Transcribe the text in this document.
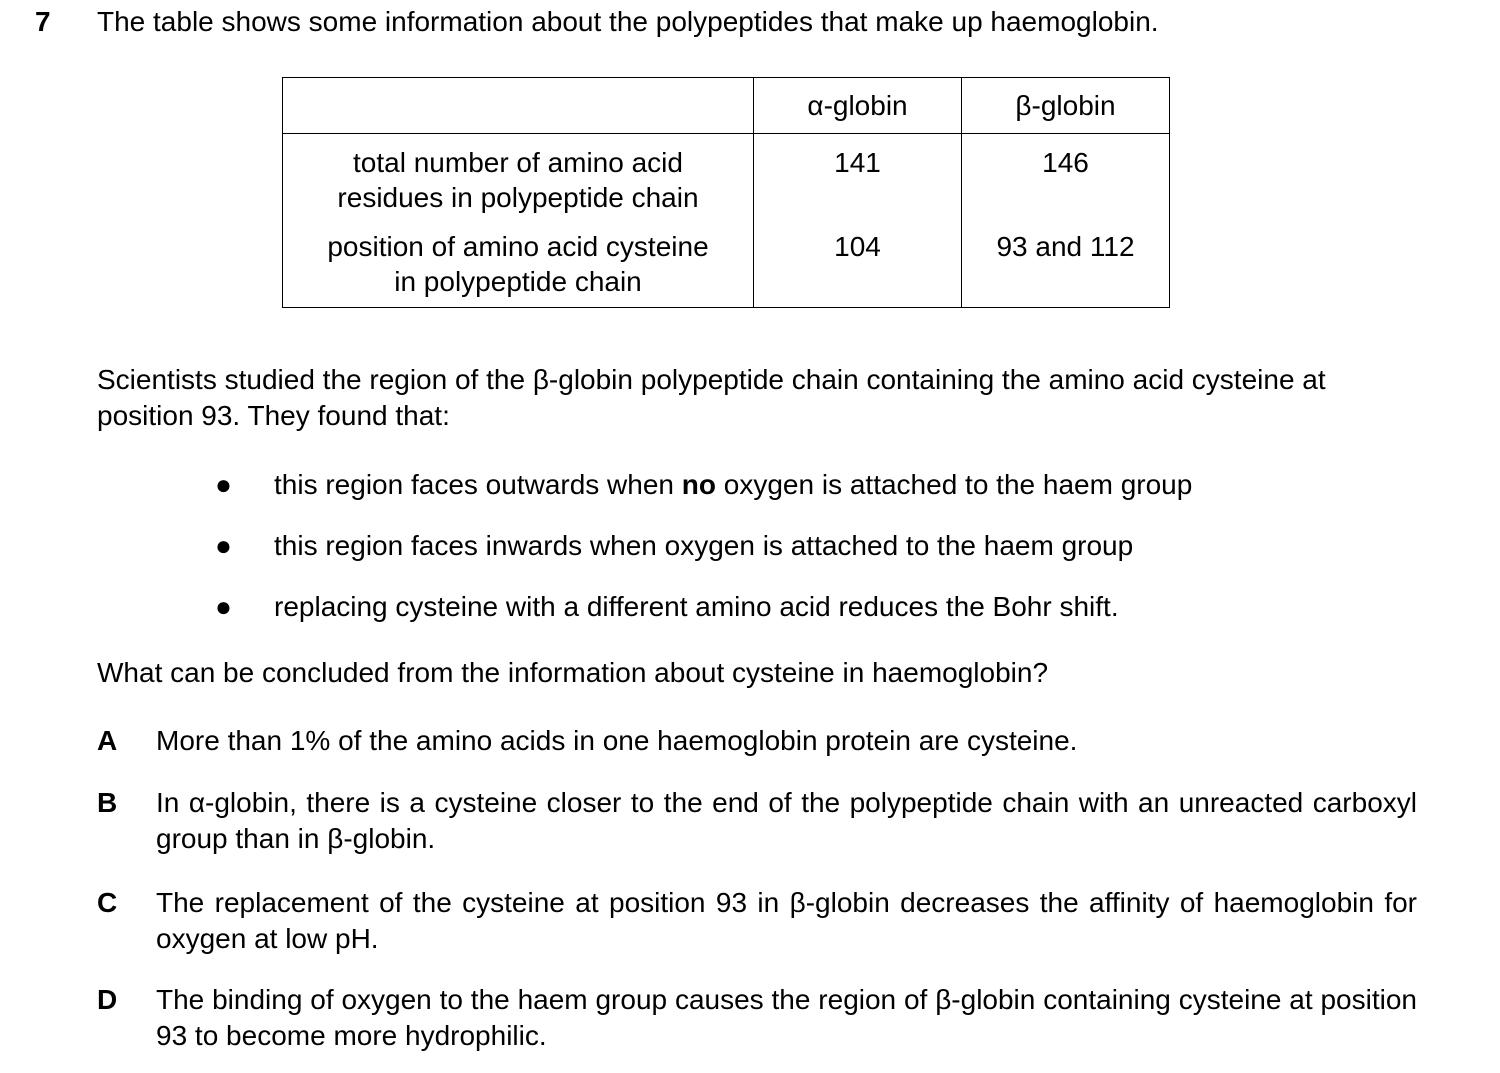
7 The table shows some information about the polypeptides that make up haemoglobin.
	α-globin	β-globin

total number of amino acid
residues in polypeptide chain	141	146

position of amino acid cysteine
in polypeptide chain	104	93 and 112
Scientists studied the region of the β-globin polypeptide chain containing the amino acid cysteine at position 93. They found that:
● this region faces outwards when no oxygen is attached to the haem group
● this region faces inwards when oxygen is attached to the haem group
● replacing cysteine with a different amino acid reduces the Bohr shift.
What can be concluded from the information about cysteine in haemoglobin?
A	More than 1% of the amino acids in one haemoglobin protein are cysteine.
B	In α-globin, there is a cysteine closer to the end of the polypeptide chain with an unreacted carboxyl group than in β-globin.
C	The replacement of the cysteine at position 93 in β-globin decreases the affinity of haemoglobin for oxygen at low pH.
D	The binding of oxygen to the haem group causes the region of β-globin containing cysteine at position 93 to become more hydrophilic.
